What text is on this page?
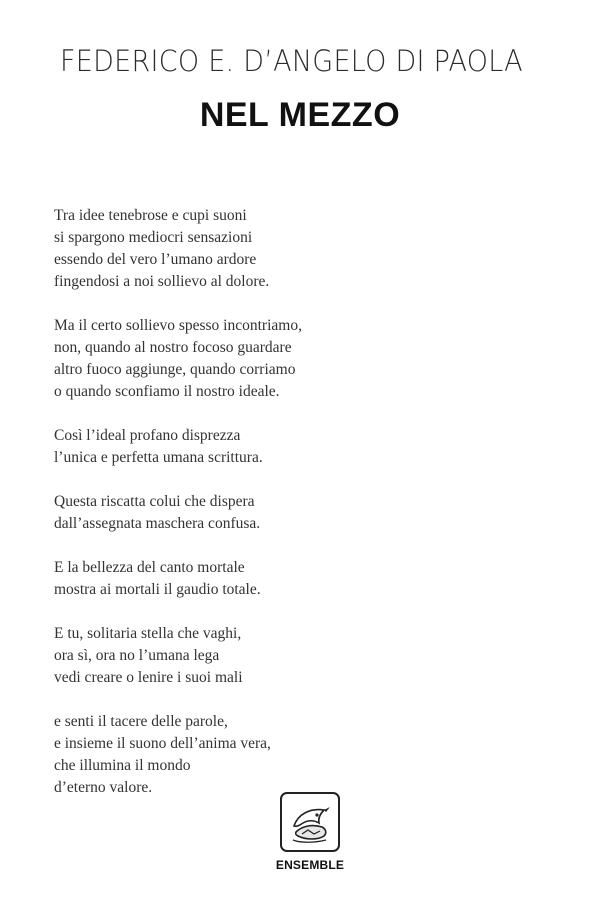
FEDERICO E. D’ANGELO DI PAOLA
NEL MEZZO
Tra idee tenebrose e cupi suoni
si spargono mediocri sensazioni
essendo del vero l’umano ardore
fingendosi a noi sollievo al dolore.
Ma il certo sollievo spesso incontriamo,
non, quando al nostro focoso guardare
altro fuoco aggiunge, quando corriamo
o quando sconfiamo il nostro ideale.
Così l’ideal profano disprezza
l’unica e perfetta umana scrittura.
Questa riscatta colui che dispera
dall’assegnata maschera confusa.
E la bellezza del canto mortale
mostra ai mortali il gaudio totale.
E tu, solitaria stella che vaghi,
ora sì, ora no l’umana lega
vedi creare o lenire i suoi mali
e senti il tacere delle parole,
e insieme il suono dell’anima vera,
che illumina il mondo
d’eterno valore.
ENSEMBLE
